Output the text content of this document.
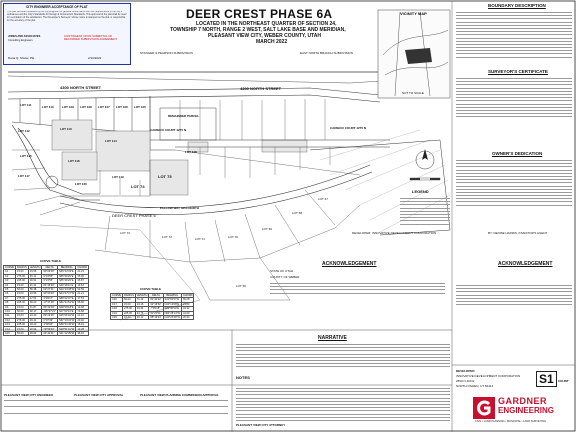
CITY ENGINEER ACCEPTANCE OF PLAT
This plat has been reviewed by the City Engineer for general conformance with the requirements of the City's ordinances and the City's Standards for Design & Construction Standards. This approval of the plat shall be used for recordation of the subdivision. The Developer's Surveyor, whose name is stamped on the plat, is responsible for the accuracy of the plat.
JONES AND ASSOCIATES
Consulting Engineers
CONTINGENT UPON SUBMITTAL OF RECORDED SUBDIVISION AGREEMENT
Dana Q. Shuler, PE	2/10/2022
DEER CREST PHASE 6A
LOCATED IN THE NORTHEAST QUARTER OF SECTION 24,
TOWNSHIP 7 NORTH, RANGE 2 WEST, SALT LAKE BASE AND MERIDIAN,
PLEASANT VIEW CITY, WEBER COUNTY, UTAH
MARCH 2022
STANGER & PEARSON SUBDIVISION	EAST NORTH BRANCH SUBDIVISION
4300 NORTH STREET	4300 NORTH STREET
CARIBOU COURT 4275 N	CARIBOU COURT 4275 N
FALLOW WAY 4250 NORTH
DEER CREST PHASE 6
REMAINDER PARCEL
LOT 111	LOT 110	LOT 109 LOT 108 LOT 107 LOT 106 LOT 105
LOT 112	LOT 113
LOT 114
LOT 115
LOT 116
LOT 117
LOT 118
LOT 119
LOT 120	LOT 74
LOT 75
LOT 73
LOT 72	LOT 71	LOT 70
LOT 69
LOT 68
LOT 67
LOT 66
VICINITY MAP
NOT TO SCALE
BOUNDARY DESCRIPTION
SURVEYOR'S CERTIFICATE
OWNER'S DEDICATION
DEVELOPER: INNOVATIVE DEVELOPMENT CORPORATION	BY: DENISE HARRIS, INVESTOR'S AGENT
LEGEND
ACKNOWLEDGEMENT
STATE OF UTAH
COUNTY OF WEBER
ACKNOWLEDGEMENT
NARRATIVE
NOTES
CURVE TABLE
CURVE	RADIUS	LENGTH	DELTA	BEARING	CHORD
C1	15.00	23.56	90°00'00"	N45°12'33"E	21.21
C2	275.00	45.11	9°23'55"	S85°29'29"E	45.06
C3	225.00	36.91	9°23'55"	S85°29'29"E	36.87
C4	15.00	21.41	81°46'30"	S49°18'11"E	19.64
C5	50.00	55.38	63°27'41"	N40°10'38"W	52.59
C6	15.00	23.56	90°00'00"	N44°47'27"W	21.21
C7	275.00	17.54	3°39'17"	S88°22'07"E	17.53
C8	225.00	69.23	17°37'48"	N81°21'51"W	68.96
C9	15.00	21.87	83°32'09"	N38°09'18"E	19.98
C10	50.00	92.17	105°37'21"	S27°03'13"E	79.68
C11	15.00	23.40	89°22'46"	S45°06'04"W	21.10
C12	275.00	29.41	6°07'39"	N87°16'32"W	29.40
C13	225.00	18.20	4°38'05"	N86°31'45"W	18.19
C14	15.00	20.94	79°59'33"	S48°51'01"W	19.28
C15	50.00	39.02	44°42'41"	S31°12'35"W	38.04
CURVE TABLE
CURVE	RADIUS	LENGTH	DELTA	BEARING	CHORD
C16	50.00	71.13	81°30'32"	S31°53'57"E	65.28
C17	15.00	24.16	92°16'52"	N43°12'08"E	21.63
C18	275.00	34.34	7°09'18"	S89°40'59"E	34.32
C19	225.00	44.76	11°23'51"	N84°28'14"W	44.69
C20	15.00	23.12	88°19'04"	N40°25'48"W	20.90
PLEASANT VIEW CITY ENGINEER	PLEASANT VIEW CITY APPROVAL	PLEASANT VIEW PLANNING COMMISSION APPROVAL
PLEASANT VIEW CITY ATTORNEY
S1
DEVELOPER
INNOVATIVE DEVELOPMENT CORPORATION
2550 N 400 E
NORTH OGDEN, UT 84414
COUNT
GARDNER
ENGINEERING
CIVIL • LAND PLANNING • MUNICIPAL • LAND SURVEYING
